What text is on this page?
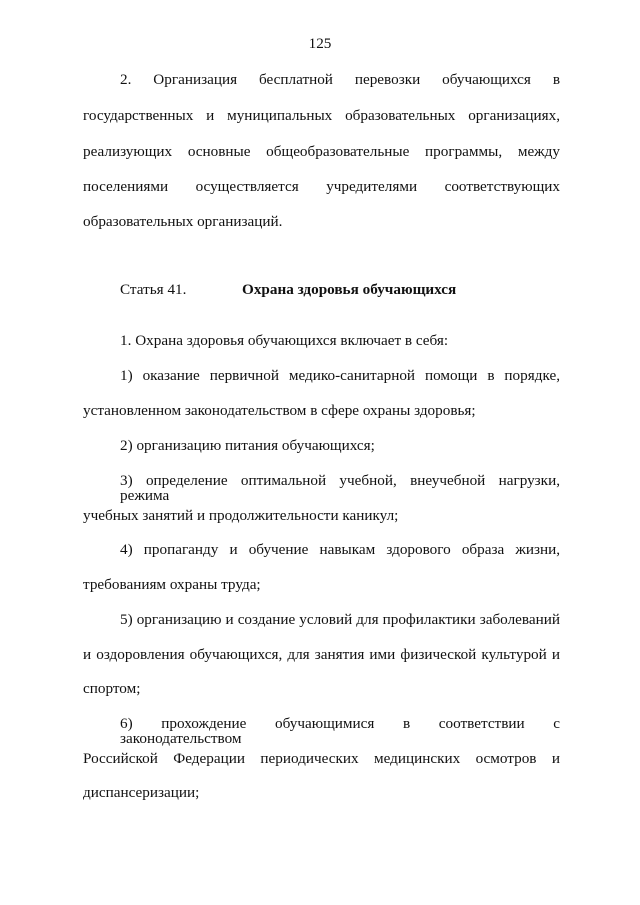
125
2. Организация бесплатной перевозки обучающихся в
государственных и муниципальных образовательных организациях,
реализующих основные общеобразовательные программы, между
поселениями осуществляется учредителями соответствующих
образовательных организаций.
Статья 41.	Охрана здоровья обучающихся
1. Охрана здоровья обучающихся включает в себя:
1) оказание первичной медико-санитарной помощи в порядке,
установленном законодательством в сфере охраны здоровья;
2) организацию питания обучающихся;
3) определение оптимальной учебной, внеучебной нагрузки, режима
учебных занятий и продолжительности каникул;
4) пропаганду и обучение навыкам здорового образа жизни,
требованиям охраны труда;
5) организацию и создание условий для профилактики заболеваний
и оздоровления обучающихся, для занятия ими физической культурой и
спортом;
6) прохождение обучающимися в соответствии с законодательством
Российской Федерации периодических медицинских осмотров и
диспансеризации;
